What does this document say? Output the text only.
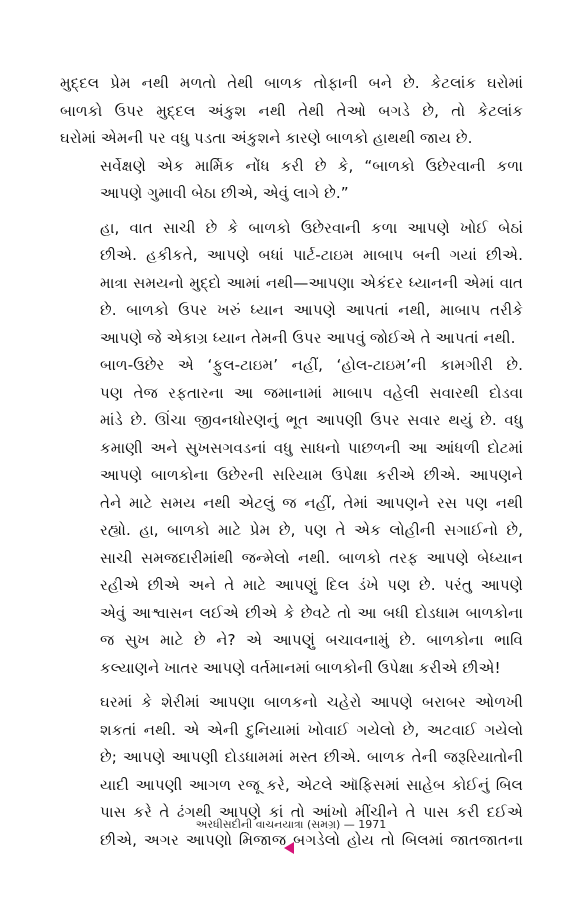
મુદ્દલ પ્રેમ નથી મળતો તેથી બાળક તોફાની બને છે. કેટલાંક ઘરોમાં
બાળકો ઉપર મુદ્દલ અંકુશ નથી તેથી તેઓ બગડે છે, તો કેટલાંક
ઘરોમાં એમની પર વધુ પડતા અંકુશને કારણે બાળકો હાથથી જાય છે.

સર્વેક્ષણે એક માર્મિક નોંધ કરી છે કે, “બાળકો ઉછેરવાની કળા
આપણે ગુમાવી બેઠા છીએ, એવું લાગે છે.”

હા, વાત સાચી છે કે બાળકો ઉછેરવાની કળા આપણે ખોઈ બેઠાં
છીએ. હકીકતે, આપણે બધાં પાર્ટ-ટાઇમ માબાપ બની ગયાં છીએ.
માત્રા સમયનો મુદ્દો આમાં નથી—આપણા એકંદર ધ્યાનની એમાં વાત
છે. બાળકો ઉપર ખરું ધ્યાન આપણે આપતાં નથી, માબાપ તરીકે
આપણે જે એકાગ્ર ધ્યાન તેમની ઉપર આપવું જોઈએ તે આપતાં નથી.

બાળ-ઉછેર એ ‘ફુલ-ટાઇમ’ નહીં, ‘હોલ-ટાઇમ’ની કામગીરી છે.
પણ તેજ રફતારના આ જમાનામાં માબાપ વહેલી સવારથી દોડવા
માંડે છે. ઊંચા જીવનધોરણનું ભૂત આપણી ઉપર સવાર થયું છે. વધુ
કમાણી અને સુખસગવડનાં વધુ સાધનો પાછળની આ આંધળી દોટમાં
આપણે બાળકોના ઉછેરની સરિયામ ઉપેક્ષા કરીએ છીએ. આપણને
તેને માટે સમય નથી એટલું જ નહીં, તેમાં આપણને રસ પણ નથી
રહ્યો. હા, બાળકો માટે પ્રેમ છે, પણ તે એક લોહીની સગાઈનો છે,
સાચી સમજદારીમાંથી જન્મેલો નથી. બાળકો તરફ આપણે બેધ્યાન
રહીએ છીએ અને તે માટે આપણું દિલ ડંખે પણ છે. પરંતુ આપણે
એવું આશ્વાસન લઈએ છીએ કે છેવટે તો આ બધી દોડધામ બાળકોના
જ સુખ માટે છે ને? એ આપણું બચાવનામું છે. બાળકોના ભાવિ
કલ્યાણને ખાતર આપણે વર્તમાનમાં બાળકોની ઉપેક્ષા કરીએ છીએ!

ઘરમાં કે શેરીમાં આપણા બાળકનો ચહેરો આપણે બરાબર ઓળખી
શકતાં નથી. એ એની દુનિયામાં ખોવાઈ ગયેલો છે, અટવાઈ ગયેલો
છે; આપણે આપણી દોડધામમાં મસ્ત છીએ. બાળક તેની જરૂરિયાતોની
યાદી આપણી આગળ રજૂ કરે, એટલે ઑફિસમાં સાહેબ કોઈનું બિલ
પાસ કરે તે ઢંગથી આપણે કાં તો આંખો મીંચીને તે પાસ કરી દઈએ
છીએ, અગર આપણો મિજાજ બગડેલો હોય તો બિલમાં જાતજાતના

અરધીસદીની વાચનયાત્રા (સમગ્ર) — 1971
